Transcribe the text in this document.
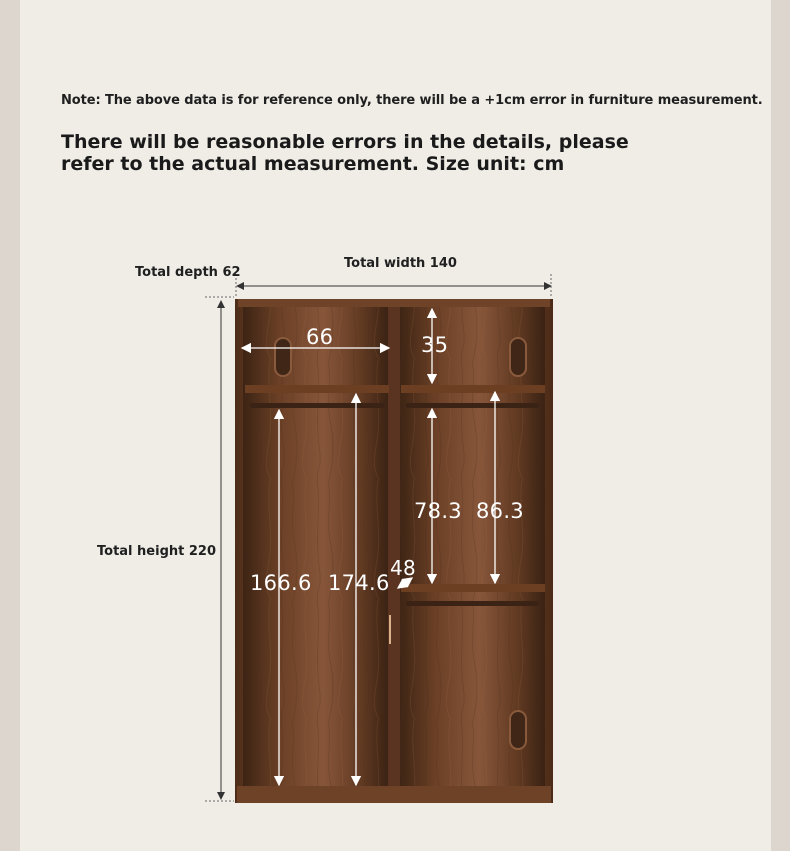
Note: The above data is for reference only, there will be a +1cm error in furniture measurement.
There will be reasonable errors in the details, please
refer to the actual measurement. Size unit: cm
Total depth 62
Total width 140
Total height 220
66	35
166.6 174.6
78.3 86.3
48
